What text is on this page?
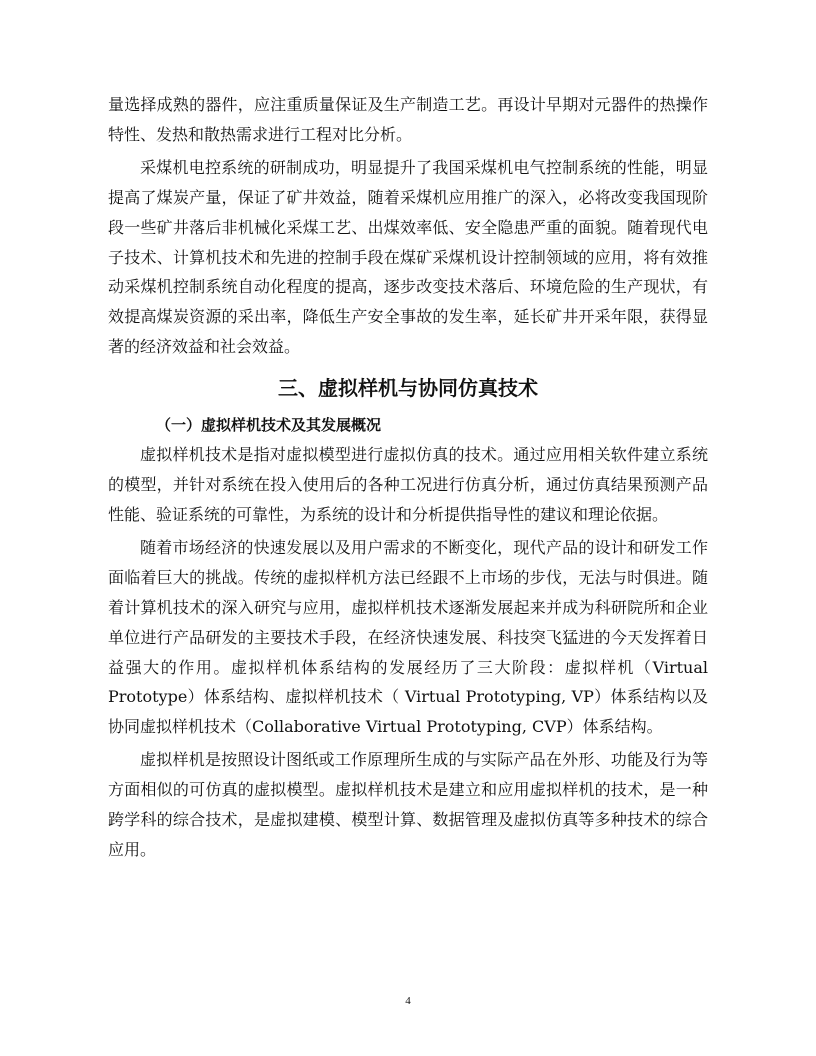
量选择成熟的器件，应注重质量保证及生产制造工艺。再设计早期对元器件的热操作特性、发热和散热需求进行工程对比分析。

采煤机电控系统的研制成功，明显提升了我国采煤机电气控制系统的性能，明显提高了煤炭产量，保证了矿井效益，随着采煤机应用推广的深入，必将改变我国现阶段一些矿井落后非机械化采煤工艺、出煤效率低、安全隐患严重的面貌。随着现代电子技术、计算机技术和先进的控制手段在煤矿采煤机设计控制领域的应用，将有效推动采煤机控制系统自动化程度的提高，逐步改变技术落后、环境危险的生产现状，有效提高煤炭资源的采出率，降低生产安全事故的发生率，延长矿井开采年限，获得显著的经济效益和社会效益。

三、虚拟样机与协同仿真技术
（一）虚拟样机技术及其发展概况

虚拟样机技术是指对虚拟模型进行虚拟仿真的技术。通过应用相关软件建立系统的模型，并针对系统在投入使用后的各种工况进行仿真分析，通过仿真结果预测产品性能、验证系统的可靠性，为系统的设计和分析提供指导性的建议和理论依据。

随着市场经济的快速发展以及用户需求的不断变化，现代产品的设计和研发工作面临着巨大的挑战。传统的虚拟样机方法已经跟不上市场的步伐，无法与时俱进。随着计算机技术的深入研究与应用，虚拟样机技术逐渐发展起来并成为科研院所和企业单位进行产品研发的主要技术手段，在经济快速发展、科技突飞猛进的今天发挥着日益强大的作用。虚拟样机体系结构的发展经历了三大阶段：虚拟样机（Virtual Prototype）体系结构、虚拟样机技术（ Virtual Prototyping, VP）体系结构以及协同虚拟样机技术（Collaborative Virtual Prototyping, CVP）体系结构。

虚拟样机是按照设计图纸或工作原理所生成的与实际产品在外形、功能及行为等方面相似的可仿真的虚拟模型。虚拟样机技术是建立和应用虚拟样机的技术，是一种跨学科的综合技术，是虚拟建模、模型计算、数据管理及虚拟仿真等多种技术的综合应用。

4
